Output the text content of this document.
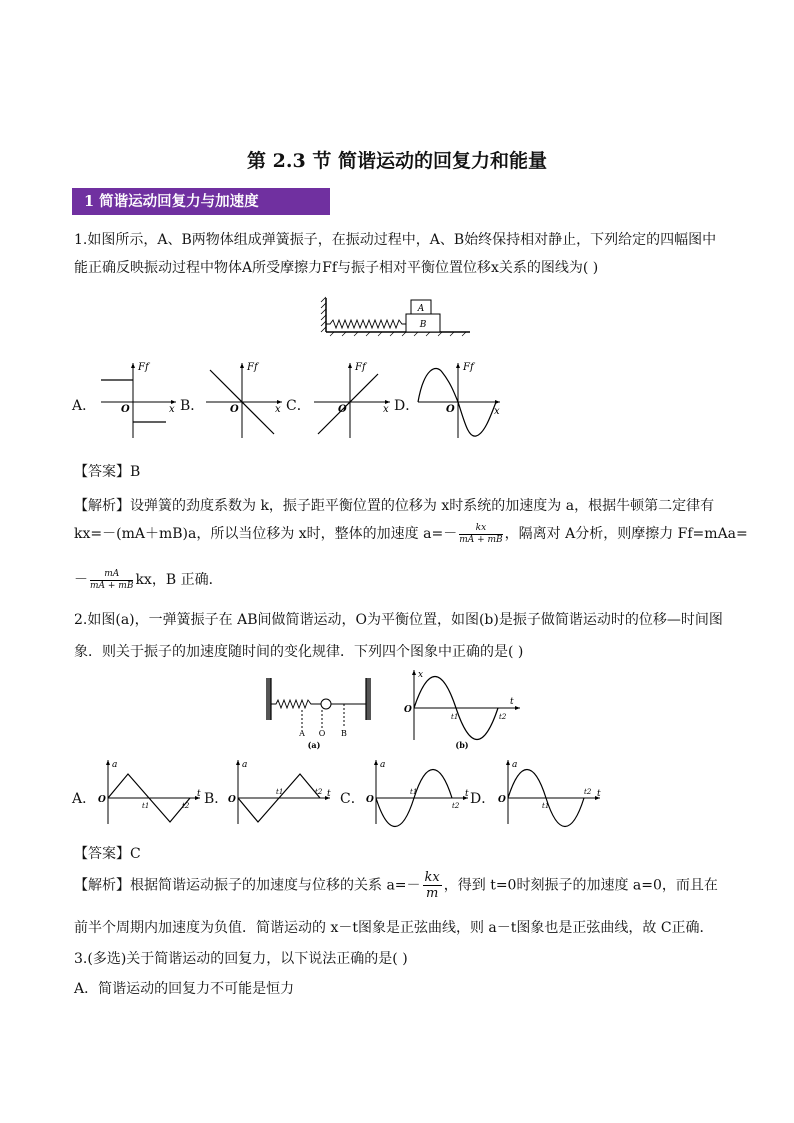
第 2.3 节 简谐运动的回复力和能量
1 简谐运动回复力与加速度
1.如图所示，A、B两物体组成弹簧振子，在振动过程中，A、B始终保持相对静止，下列给定的四幅图中
能正确反映振动过程中物体A所受摩擦力Ff与振子相对平衡位置位移x关系的图线为( )
A
B
A．
Ff
x
O	B．
Ff
x
O	C．
Ff
x
O	D．
Ff
x
O
【答案】B
【解析】设弹簧的劲度系数为 k，振子距平衡位置的位移为 x时系统的加速度为 a，根据牛顿第二定律有
kx=－(mA＋mB)a，所以当位移为 x时，整体的加速度 $a=- \frac{kx}{mA + mB}$ ，隔离对 A分析，则摩擦力 Ff=mAa=
－ $\frac{mA}{mA + mB}$ kx，B 正确．
2.如图(a)，一弹簧振子在 AB间做简谐运动，O为平衡位置，如图(b)是振子做简谐运动时的位移—时间图
象．则关于振子的加速度随时间的变化规律．下列四个图象中正确的是( )
A O B
(a)
x
t
O
t1	t2
(b)
A．
a
t
O
t1	t2 B．
a
t
O
t1	t2 C．
a
t
O
t1
t2 D．
a
t
O
t1
t2
【答案】C
【解析】根据简谐运动振子的加速度与位移的关系 $a=- \frac{kx}{m}$ ，得到 t=0时刻振子的加速度 a=0，而且在
前半个周期内加速度为负值．简谐运动的 x－t图象是正弦曲线，则 a－t图象也是正弦曲线，故 C正确．
3.(多选)关于简谐运动的回复力，以下说法正确的是( )
A．简谐运动的回复力不可能是恒力
